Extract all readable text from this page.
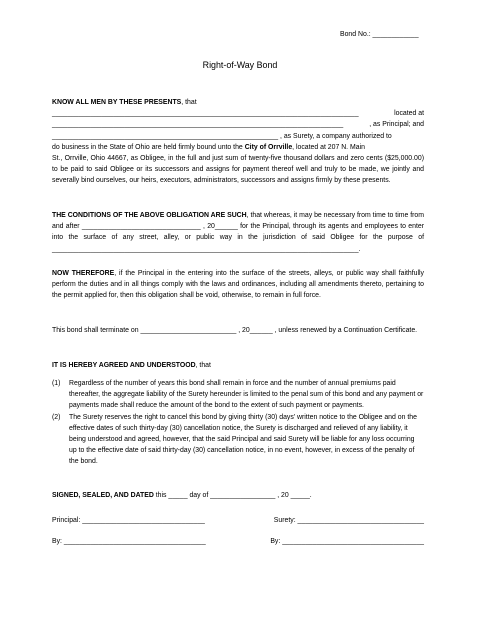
Bond No.: ____________
Right-of-Way Bond

KNOW ALL MEN BY THESE PRESENTS, that

________________________________________________________________________________	located at

____________________________________________________________________________	, as Principal; and

___________________________________________________________ , as Surety, a company authorized to

do business in the State of Ohio are held firmly bound unto the City of Orrville, located at 207 N. Main

St., Orrville, Ohio 44667, as Obligee, in the full and just sum of twenty-five thousand dollars and zero cents ($25,000.00) to be paid to said Obligee or its successors and assigns for payment thereof well and truly to be made, we jointly and severally bind ourselves, our heirs, executors, administrators, successors and assigns firmly by these presents.

THE CONDITIONS OF THE ABOVE OBLIGATION ARE SUCH, that whereas, it may be necessary from time to time from and after _______________________________ , 20______ for the Principal, through its agents and employees to enter into the surface of any street, alley, or public way in the jurisdiction of said Obligee for the purpose of ________________________________________________________________________________.

NOW THEREFORE, if the Principal in the entering into the surface of the streets, alleys, or public way shall faithfully perform the duties and in all things comply with the laws and ordinances, including all amendments thereto, pertaining to the permit applied for, then this obligation shall be void, otherwise, to remain in full force.

This bond shall terminate on _________________________ , 20______ , unless renewed by a Continuation Certificate.

IT IS HEREBY AGREED AND UNDERSTOOD, that

(1)	Regardless of the number of years this bond shall remain in force and the number of annual premiums paid thereafter, the aggregate liability of the Surety hereunder is limited to the penal sum of this bond and any payment or payments made shall reduce the amount of the bond to the extent of such payment or payments.
(2)	The Surety reserves the right to cancel this bond by giving thirty (30) days’ written notice to the Obligee and on the effective dates of such thirty-day (30) cancellation notice, the Surety is discharged and relieved of any liability, it being understood and agreed, however, that the said Principal and said Surety will be liable for any loss occurring up to the effective date of said thirty-day (30) cancellation notice, in no event, however, in excess of the penalty of the bond.

SIGNED, SEALED, AND DATED this _____ day of _________________ , 20 _____.

Principal: ________________________________	Surety: _________________________________
By: _____________________________________	By: _____________________________________
